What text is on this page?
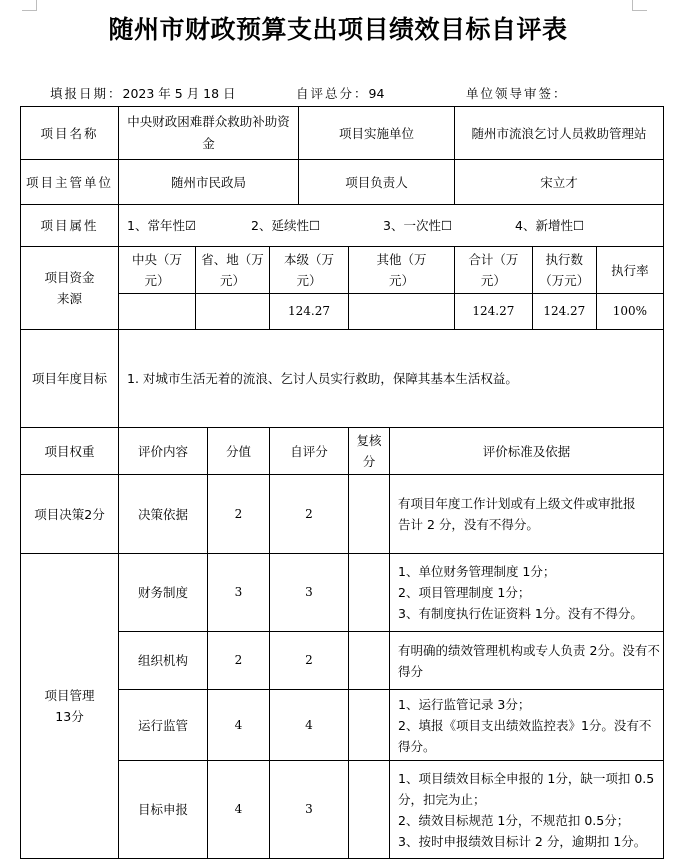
随州市财政预算支出项目绩效目标自评表
填报日期：2023 年 5 月 18 日	自评总分：94	单位领导审签：
项目名称	中央财政困难群众救助补助资金				项目实施单位			随州市流浪乞讨人员救助管理站		
项目主管单位	随州市民政局				项目负责人			宋立才		
项目属性	1、常年性☑ 2、延续性☐ 3、一次性☐ 4、新增性☐									
项目资金来源	中央（万元）	省、地（万元）		本级（万元）		其他（万元）		合计（万元）	执行数（万元）	执行率
				124.27				124.27	124.27	100%
项目年度目标	1. 对城市生活无着的流浪、乞讨人员实行救助，保障其基本生活权益。									
项目权重	评价内容		分值	自评分		复核分	评价标准及依据			
项目决策2分	决策依据		2	2			有项目年度工作计划或有上级文件或审批报
告计 2 分，没有不得分。			

项目管理
13分	财务制度		3	3			1、单位财务管理制度 1分；
2、项目管理制度 1分；
3、有制度执行佐证资料 1分。没有不得分。			

	组织机构		2	2			有明确的绩效管理机构或专人负责 2分。没有不
得分			

	运行监管		4	4			1、运行监管记录 3分；
2、填报《项目支出绩效监控表》1分。没有不
得分。			

	目标申报		4	3			1、项目绩效目标全申报的 1分，缺一项扣 0.5
分，扣完为止；
2、绩效目标规范 1分，不规范扣 0.5分；
3、按时申报绩效目标计 2 分，逾期扣 1分。			
